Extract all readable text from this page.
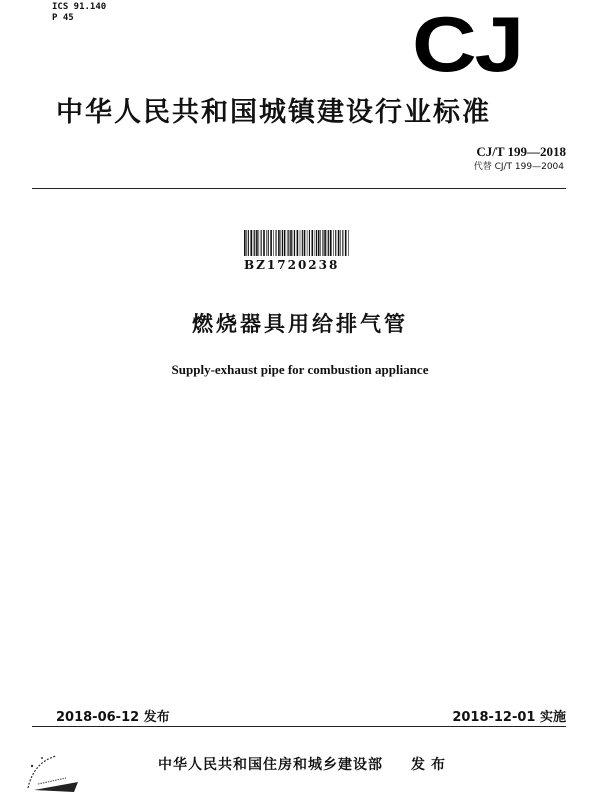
ICS 91.140
P 45	CJ
中华人民共和国城镇建设行业标准
CJ/T 199—2018
代替 CJ/T 199—2004
BZ1720238
燃烧器具用给排气管
Supply-exhaust pipe for combustion appliance
2018-06-12 发布	2018-12-01 实施
中华人民共和国住房和城乡建设部 发布
